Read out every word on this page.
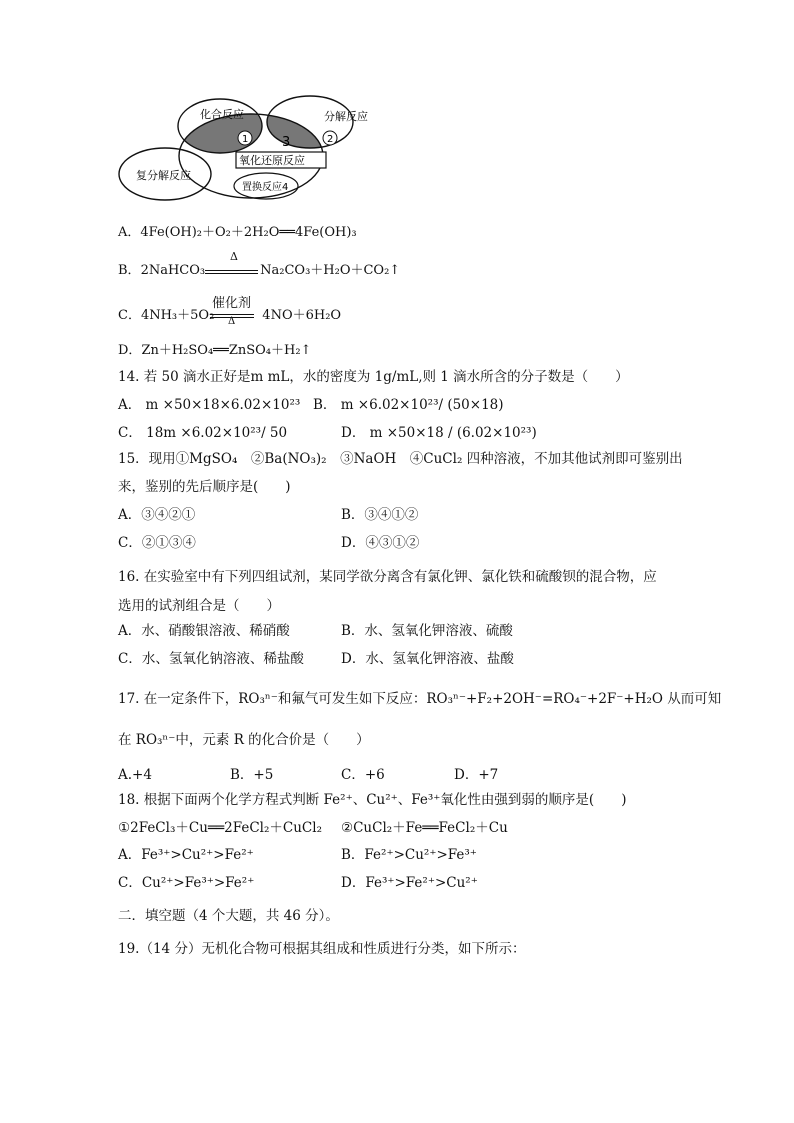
化合反应	分解反应
复分解反应
氧化还原反应
置换反应4
1	2
3
A．4Fe(OH)₂＋O₂＋2H₂O══4Fe(OH)₃
Δ
B．2NaHCO₃	Na₂CO₃＋H₂O＋CO₂↑
催化剂
Δ
C．4NH₃＋5O₂	4NO＋6H₂O
D．Zn＋H₂SO₄══ZnSO₄＋H₂↑
14. 若 50 滴水正好是m mL，水的密度为 1g/mL,则 1 滴水所含的分子数是（　　）
A． m ×50×18×6.02×10²³ B． m ×6.02×10²³/ (50×18)
C． 18m ×6.02×10²³/ 50	D． m ×50×18 / (6.02×10²³)
15．现用①MgSO₄　②Ba(NO₃)₂　③NaOH　④CuCl₂ 四种溶液，不加其他试剂即可鉴别出
来，鉴别的先后顺序是(　　)
A．③④②①	B．③④①②
C．②①③④	D．④③①②
16. 在实验室中有下列四组试剂，某同学欲分离含有氯化钾、氯化铁和硫酸钡的混合物，应
选用的试剂组合是（　　）
A．水、硝酸银溶液、稀硝酸	B．水、氢氧化钾溶液、硫酸
C．水、氢氧化钠溶液、稀盐酸	D．水、氢氧化钾溶液、盐酸
17. 在一定条件下，RO₃ⁿ⁻和氟气可发生如下反应：RO₃ⁿ⁻+F₂+2OH⁻=RO₄⁻+2F⁻+H₂O 从而可知
在 RO₃ⁿ⁻中，元素 R 的化合价是（　　）
A.+4	B．+5	C．+6	D．+7
18. 根据下面两个化学方程式判断 Fe²⁺、Cu²⁺、Fe³⁺氧化性由强到弱的顺序是(　　)
①2FeCl₃＋Cu══2FeCl₂＋CuCl₂ ②CuCl₂＋Fe══FeCl₂＋Cu
A．Fe³⁺>Cu²⁺>Fe²⁺	B．Fe²⁺>Cu²⁺>Fe³⁺
C．Cu²⁺>Fe³⁺>Fe²⁺	D．Fe³⁺>Fe²⁺>Cu²⁺
二．填空题（4 个大题，共 46 分）。
19.（14 分）无机化合物可根据其组成和性质进行分类，如下所示：
